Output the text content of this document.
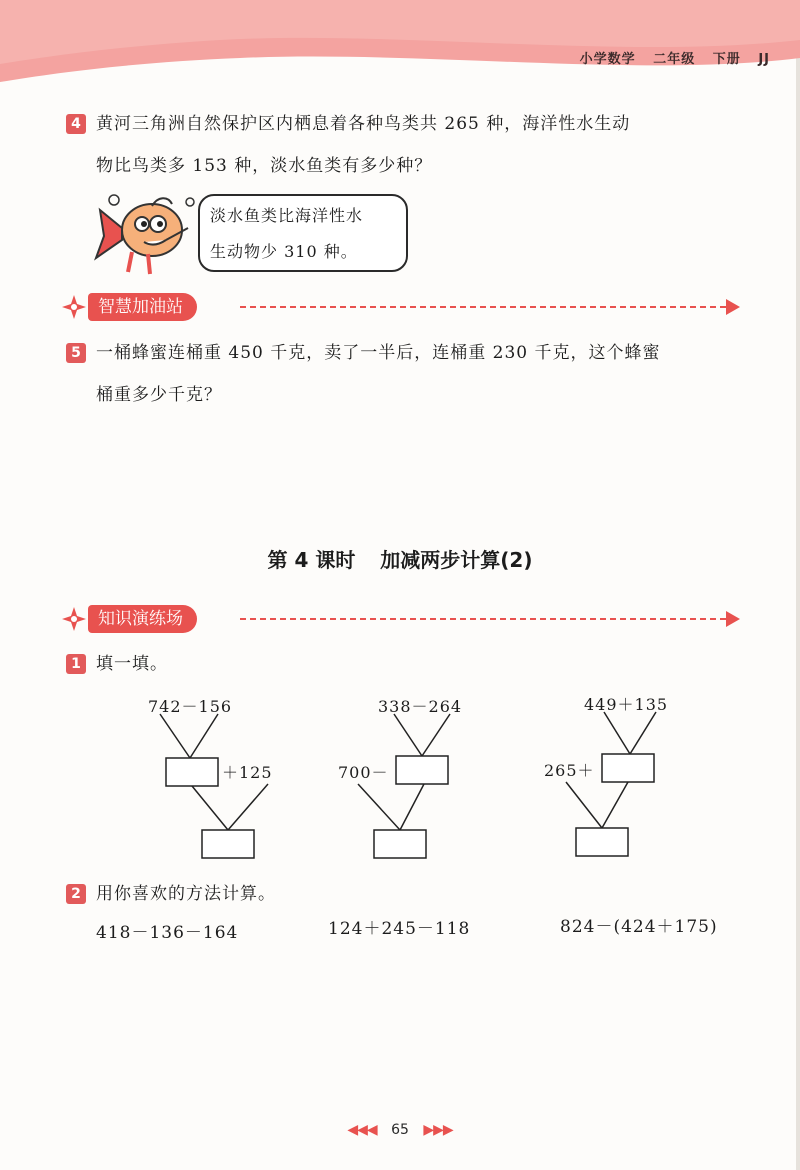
小学数学 二年级 下册 JJ
4 黄河三角洲自然保护区内栖息着各种鸟类共 265 种，海洋性水生动
物比鸟类多 153 种，淡水鱼类有多少种？
淡水鱼类比海洋性水
生动物少 310 种。
智慧加油站
5 一桶蜂蜜连桶重 450 千克，卖了一半后，连桶重 230 千克，这个蜂蜜
桶重多少千克？
第 4 课时 加减两步计算(2)
知识演练场
1 填一填。
742－156
＋125
338－264
700－
449＋135
265＋
2 用你喜欢的方法计算。
418－136－164	124＋245－118	824－(424＋175)
◀◀◀ 65 ▶▶▶
